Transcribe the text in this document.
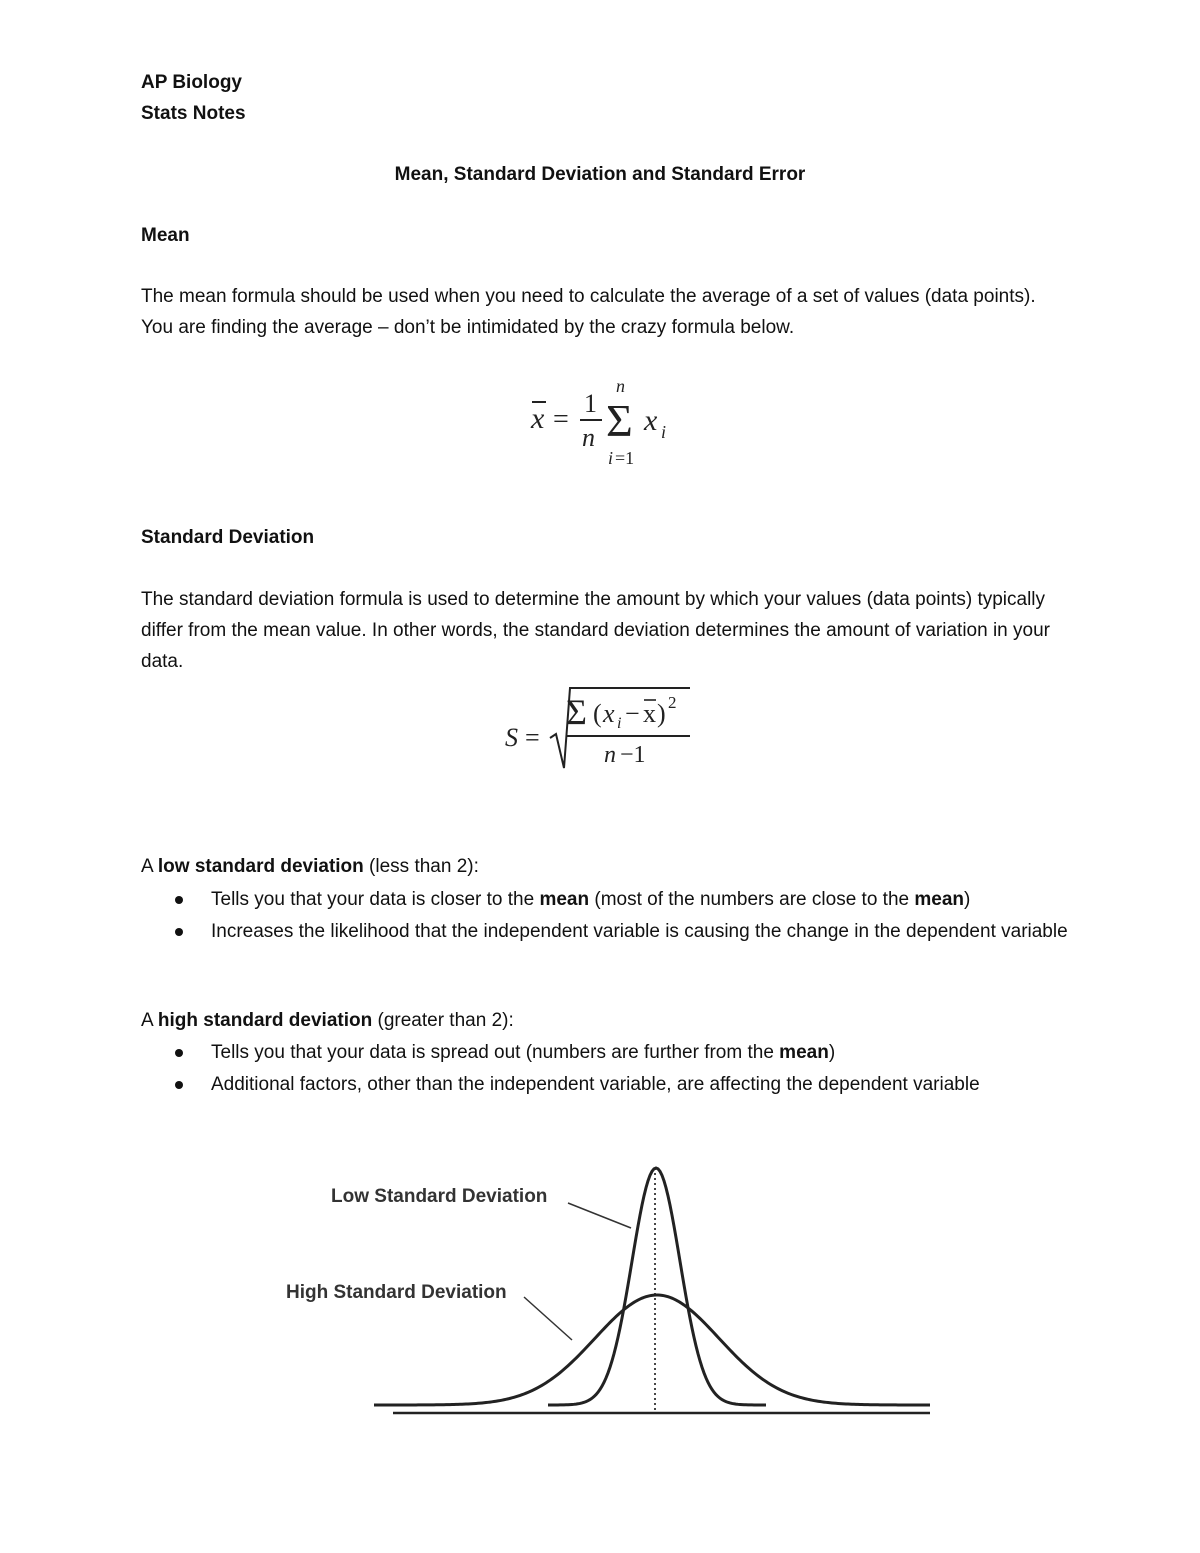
AP Biology
Stats Notes
Mean, Standard Deviation and Standard Error
Mean
The mean formula should be used when you need to calculate the average of a set of values (data points). You are finding the average – don’t be intimidated by the crazy formula below.
x =
1
n
n
Σ
i =1
x i
Standard Deviation
The standard deviation formula is used to determine the amount by which your values (data points) typically differ from the mean value. In other words, the standard deviation determines the amount of variation in your data.
S =
Σ ( x i − x ) 2
n −1
A low standard deviation (less than 2):
Tells you that your data is closer to the mean (most of the numbers are close to the mean)
Increases the likelihood that the independent variable is causing the change in the dependent variable
A high standard deviation (greater than 2):
Tells you that your data is spread out (numbers are further from the mean)
Additional factors, other than the independent variable, are affecting the dependent variable
Low Standard Deviation
High Standard Deviation
